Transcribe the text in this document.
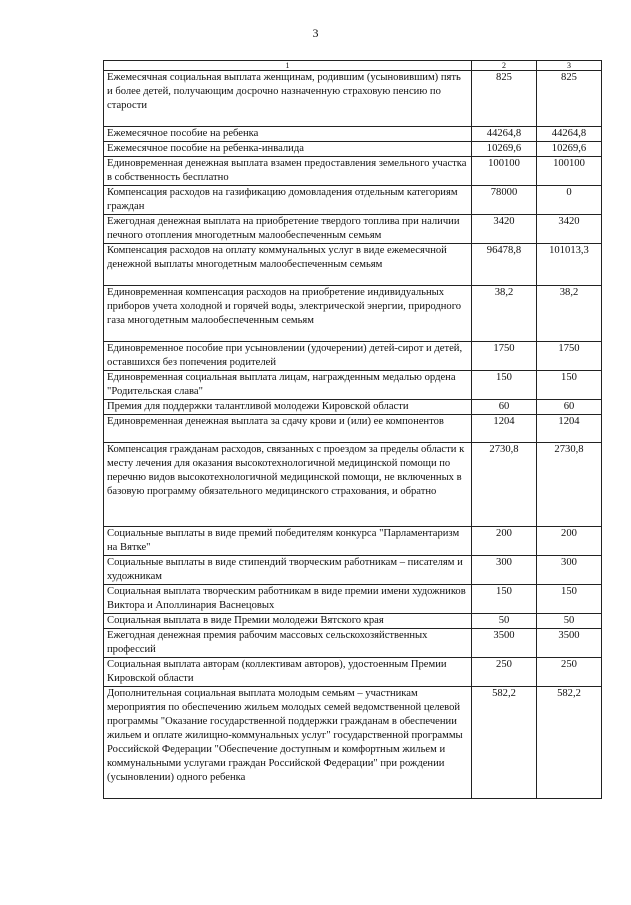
3
1	2	3
Ежемесячная социальная выплата женщинам, родившим (усыновившим) пять и более детей, получающим досрочно назначенную страховую пенсию по старости	825	825
Ежемесячное пособие на ребенка	44264,8	44264,8
Ежемесячное пособие на ребенка-инвалида	10269,6	10269,6
Единовременная денежная выплата взамен предоставления земельного участка в собственность бесплатно	100100	100100
Компенсация расходов на газификацию домовладения отдельным категориям граждан	78000	0
Ежегодная денежная выплата на приобретение твердого топлива при наличии печного отопления многодетным малообеспеченным семьям	3420	3420
Компенсация расходов на оплату коммунальных услуг в виде ежемесячной денежной выплаты многодетным малообеспеченным семьям	96478,8	101013,3
Единовременная компенсация расходов на приобретение индивидуальных приборов учета холодной и горячей воды, электрической энергии, природного газа многодетным малообеспеченным семьям	38,2	38,2
Единовременное пособие при усыновлении (удочерении) детей-сирот и детей, оставшихся без попечения родителей	1750	1750
Единовременная социальная выплата лицам, награжденным медалью ордена "Родительская слава"	150	150
Премия для поддержки талантливой молодежи Кировской области	60	60
Единовременная денежная выплата за сдачу крови и (или) ее компонентов	1204	1204
Компенсация гражданам расходов, связанных с проездом за пределы области к месту лечения для оказания высокотехнологичной медицинской помощи по перечню видов высокотехнологичной медицинской помощи, не включенных в базовую программу обязательного медицинского страхования, и обратно	2730,8	2730,8
Социальные выплаты в виде премий победителям конкурса "Парламентаризм на Вятке"	200	200
Социальные выплаты в виде стипендий творческим работникам – писателям и художникам	300	300
Социальная выплата творческим работникам в виде премии имени художников Виктора и Аполлинария Васнецовых	150	150
Социальная выплата в виде Премии молодежи Вятского края	50	50
Ежегодная денежная премия рабочим массовых сельскохозяйственных профессий	3500	3500
Социальная выплата авторам (коллективам авторов), удостоенным Премии Кировской области	250	250
Дополнительная социальная выплата молодым семьям – участникам мероприятия по обеспечению жильем молодых семей ведомственной целевой программы "Оказание государственной поддержки гражданам в обеспечении жильем и оплате жилищно-коммунальных услуг" государственной программы Российской Федерации "Обеспечение доступным и комфортным жильем и коммунальными услугами граждан Российской Федерации" при рождении (усыновлении) одного ребенка	582,2	582,2
